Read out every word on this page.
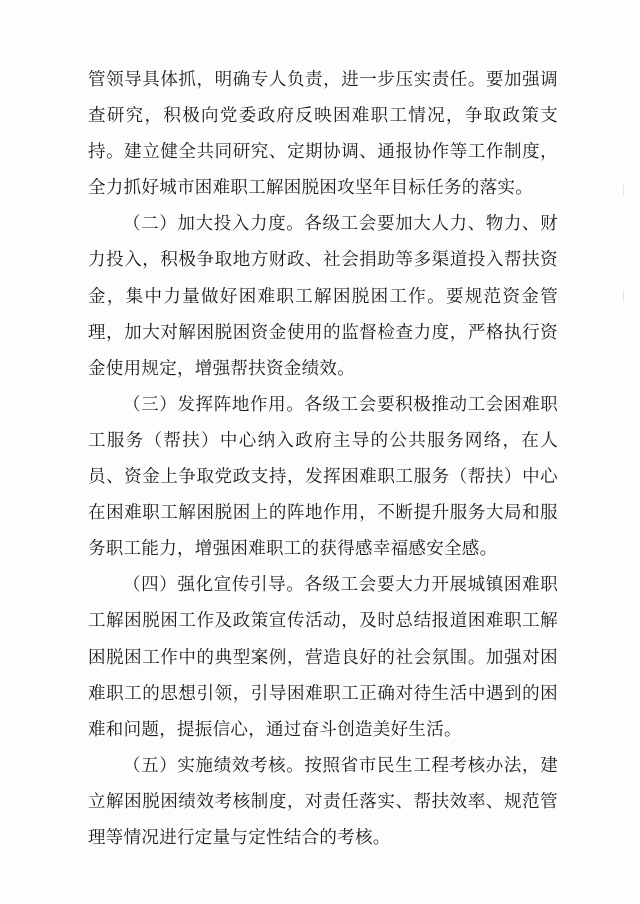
管领导具体抓，明确专人负责，进一步压实责任。要加强调查研究，积极向党委政府反映困难职工情况，争取政策支持。建立健全共同研究、定期协调、通报协作等工作制度，全力抓好城市困难职工解困脱困攻坚年目标任务的落实。

（二）加大投入力度。各级工会要加大人力、物力、财力投入，积极争取地方财政、社会捐助等多渠道投入帮扶资金，集中力量做好困难职工解困脱困工作。要规范资金管理，加大对解困脱困资金使用的监督检查力度，严格执行资金使用规定，增强帮扶资金绩效。

（三）发挥阵地作用。各级工会要积极推动工会困难职工服务（帮扶）中心纳入政府主导的公共服务网络，在人员、资金上争取党政支持，发挥困难职工服务（帮扶）中心在困难职工解困脱困上的阵地作用，不断提升服务大局和服务职工能力，增强困难职工的获得感幸福感安全感。

（四）强化宣传引导。各级工会要大力开展城镇困难职工解困脱困工作及政策宣传活动，及时总结报道困难职工解困脱困工作中的典型案例，营造良好的社会氛围。加强对困难职工的思想引领，引导困难职工正确对待生活中遇到的困难和问题，提振信心，通过奋斗创造美好生活。

（五）实施绩效考核。按照省市民生工程考核办法，建立解困脱困绩效考核制度，对责任落实、帮扶效率、规范管理等情况进行定量与定性结合的考核。
